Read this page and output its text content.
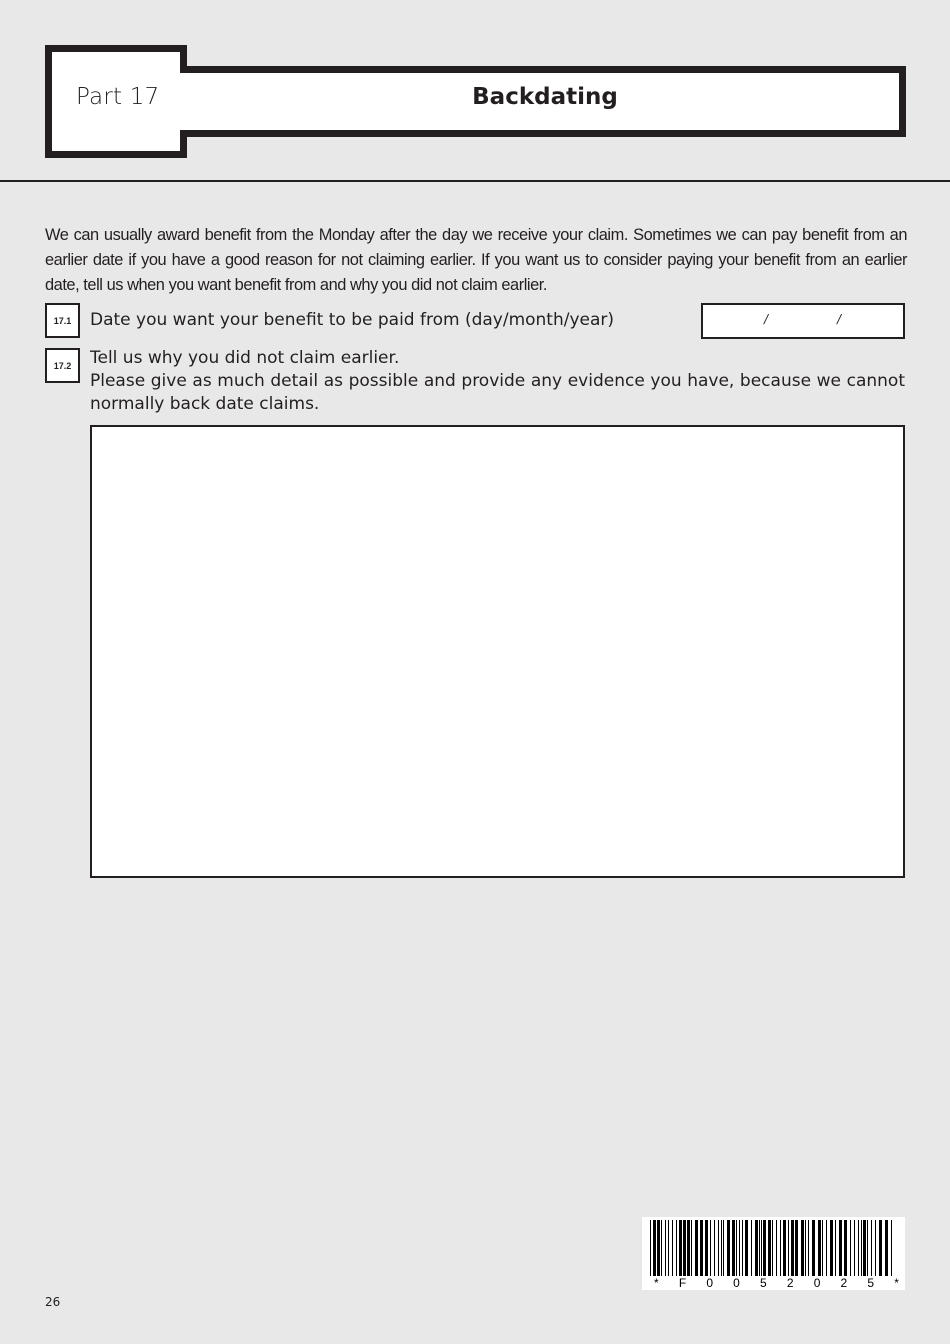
Part 17	Backdating
We can usually award benefit from the Monday after the day we receive your claim. Sometimes we can pay benefit from an earlier date if you have a good reason for not claiming earlier. If you want us to consider paying your benefit from an earlier date, tell us when you want benefit from and why you did not claim earlier.
17.1	Date you want your benefit to be paid from (day/month/year)	/	/
17.2	Tell us why you did not claim earlier.
Please give as much detail as possible and provide any evidence you have, because we cannot normally back date claims.
26
* F 0 0 5 2 0 2 5 *
